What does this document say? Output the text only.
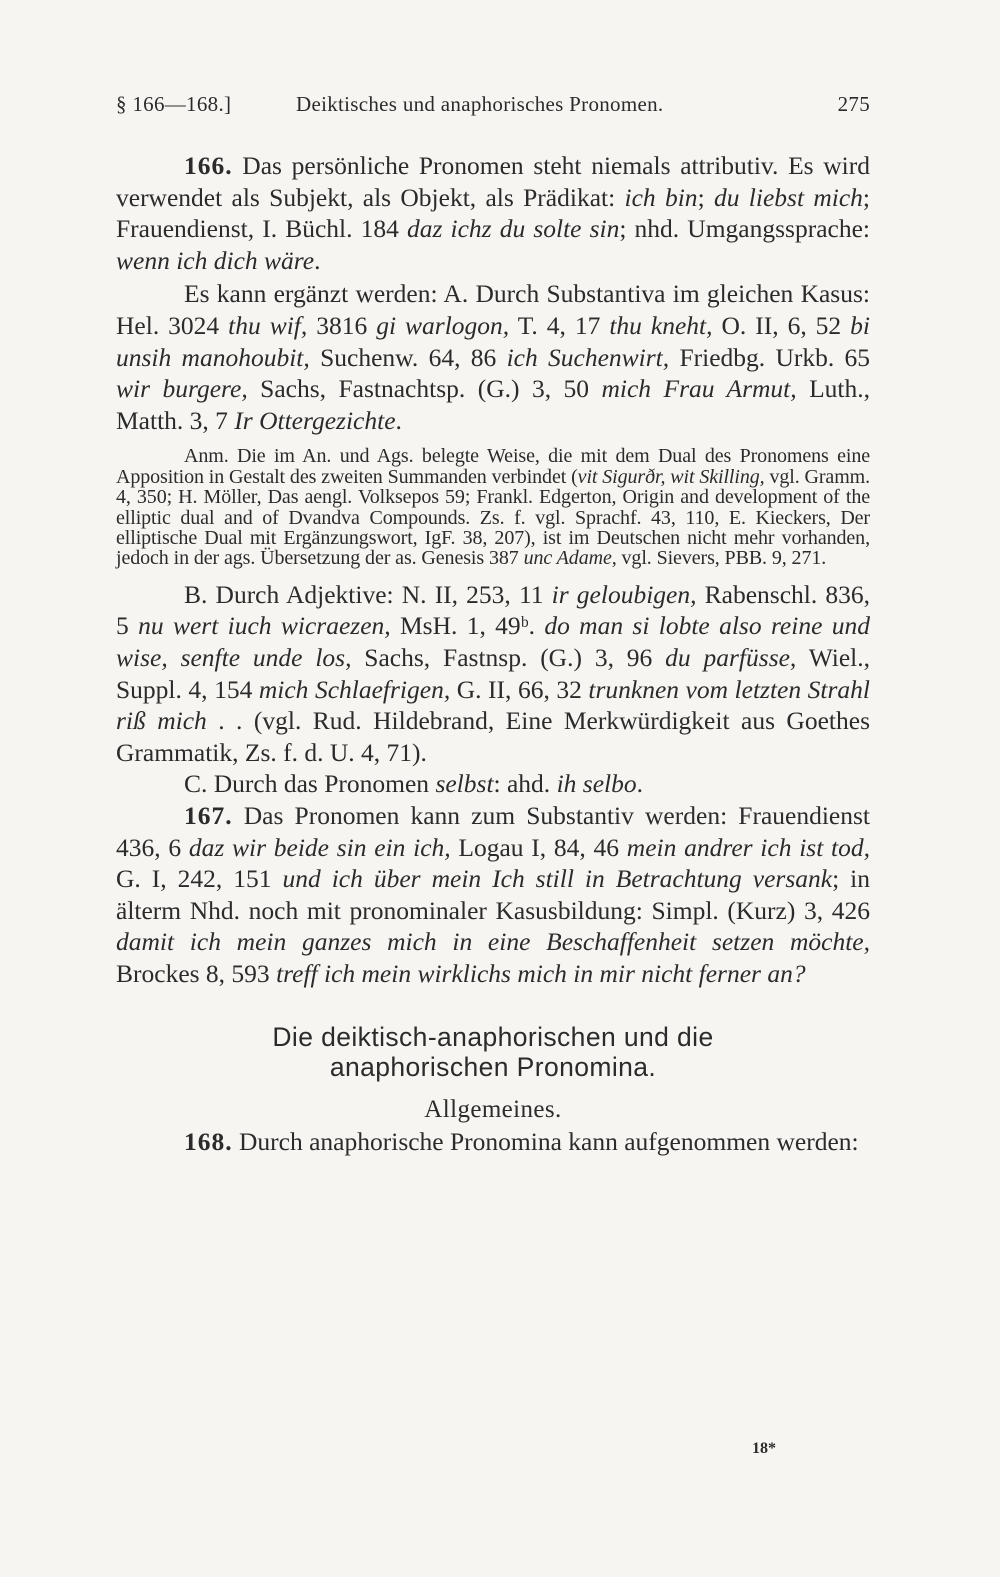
§ 166—168.]	Deiktisches und anaphorisches Pronomen.	275

166. Das persönliche Pronomen steht niemals attributiv. Es wird verwendet als Subjekt, als Objekt, als Prädikat: ich bin; du liebst mich; Frauendienst, I. Büchl. 184 daz ichz du solte sin; nhd. Umgangssprache: wenn ich dich wäre.

Es kann ergänzt werden: A. Durch Substantiva im gleichen Kasus: Hel. 3024 thu wif, 3816 gi warlogon, T. 4, 17 thu kneht, O. II, 6, 52 bi unsih manohoubit, Suchenw. 64, 86 ich Suchenwirt, Friedbg. Urkb. 65 wir burgere, Sachs, Fastnachtsp. (G.) 3, 50 mich Frau Armut, Luth., Matth. 3, 7 Ir Ottergezichte.

Anm. Die im An. und Ags. belegte Weise, die mit dem Dual des Pronomens eine Apposition in Gestalt des zweiten Summanden verbindet (vit Sigurðr, wit Skilling, vgl. Gramm. 4, 350; H. Möller, Das aengl. Volksepos 59; Frankl. Edgerton, Origin and development of the elliptic dual and of Dvandva Compounds. Zs. f. vgl. Sprachf. 43, 110, E. Kieckers, Der elliptische Dual mit Ergänzungswort, IgF. 38, 207), ist im Deutschen nicht mehr vorhanden, jedoch in der ags. Übersetzung der as. Genesis 387 unc Adame, vgl. Sievers, PBB. 9, 271.

B. Durch Adjektive: N. II, 253, 11 ir geloubigen, Rabenschl. 836, 5 nu wert iuch wicraezen, MsH. 1, 49ᵇ. do man si lobte also reine und wise, senfte unde los, Sachs, Fastnsp. (G.) 3, 96 du parfüsse, Wiel., Suppl. 4, 154 mich Schlaefrigen, G. II, 66, 32 trunknen vom letzten Strahl riß mich . . (vgl. Rud. Hildebrand, Eine Merkwürdigkeit aus Goethes Grammatik, Zs. f. d. U. 4, 71).

C. Durch das Pronomen selbst: ahd. ih selbo.

167. Das Pronomen kann zum Substantiv werden: Frauendienst 436, 6 daz wir beide sin ein ich, Logau I, 84, 46 mein andrer ich ist tod, G. I, 242, 151 und ich über mein Ich still in Betrachtung versank; in älterm Nhd. noch mit pronominaler Kasusbildung: Simpl. (Kurz) 3, 426 damit ich mein ganzes mich in eine Beschaffenheit setzen möchte, Brockes 8, 593 treff ich mein wirklichs mich in mir nicht ferner an?

Die deiktisch-anaphorischen und die
anaphorischen Pronomina.
Allgemeines.

168. Durch anaphorische Pronomina kann aufgenommen werden:

18*
